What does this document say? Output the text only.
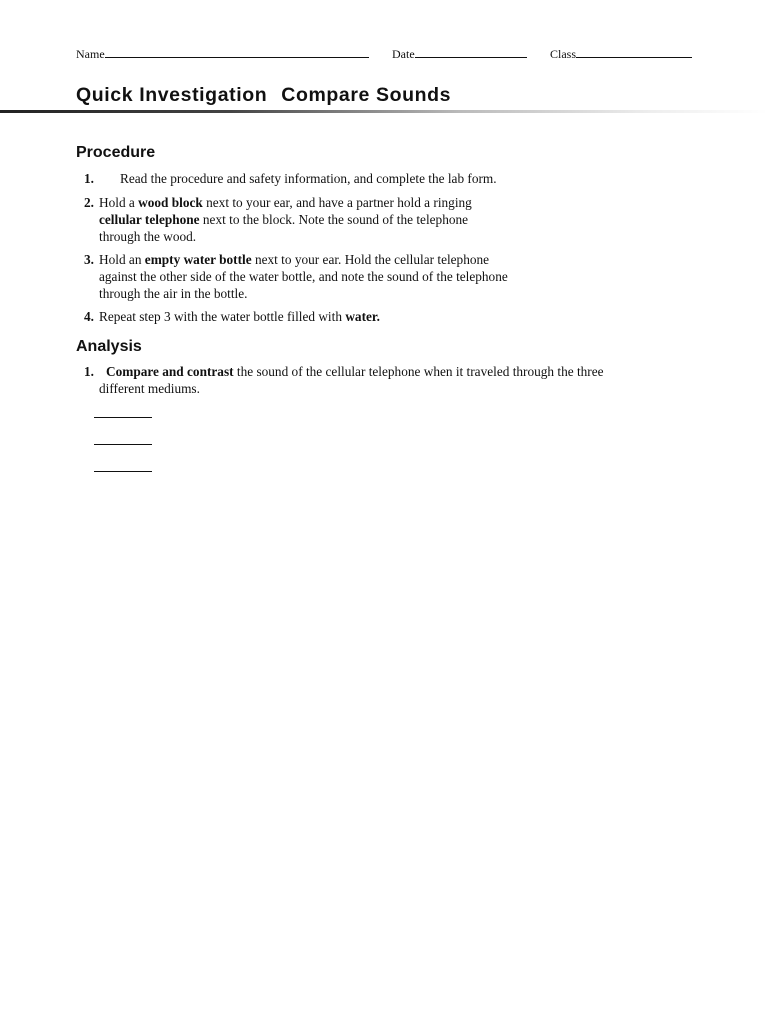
Name	Date	Class
Quick Investigation Compare Sounds
Procedure
1. Read the procedure and safety information, and complete the lab form.
2. Hold a wood block next to your ear, and have a partner hold a ringing
cellular telephone next to the block. Note the sound of the telephone
through the wood.
3. Hold an empty water bottle next to your ear. Hold the cellular telephone
against the other side of the water bottle, and note the sound of the telephone
through the air in the bottle.
4. Repeat step 3 with the water bottle filled with water.
Analysis
1. Compare and contrast the sound of the cellular telephone when it traveled through the three
different mediums.
